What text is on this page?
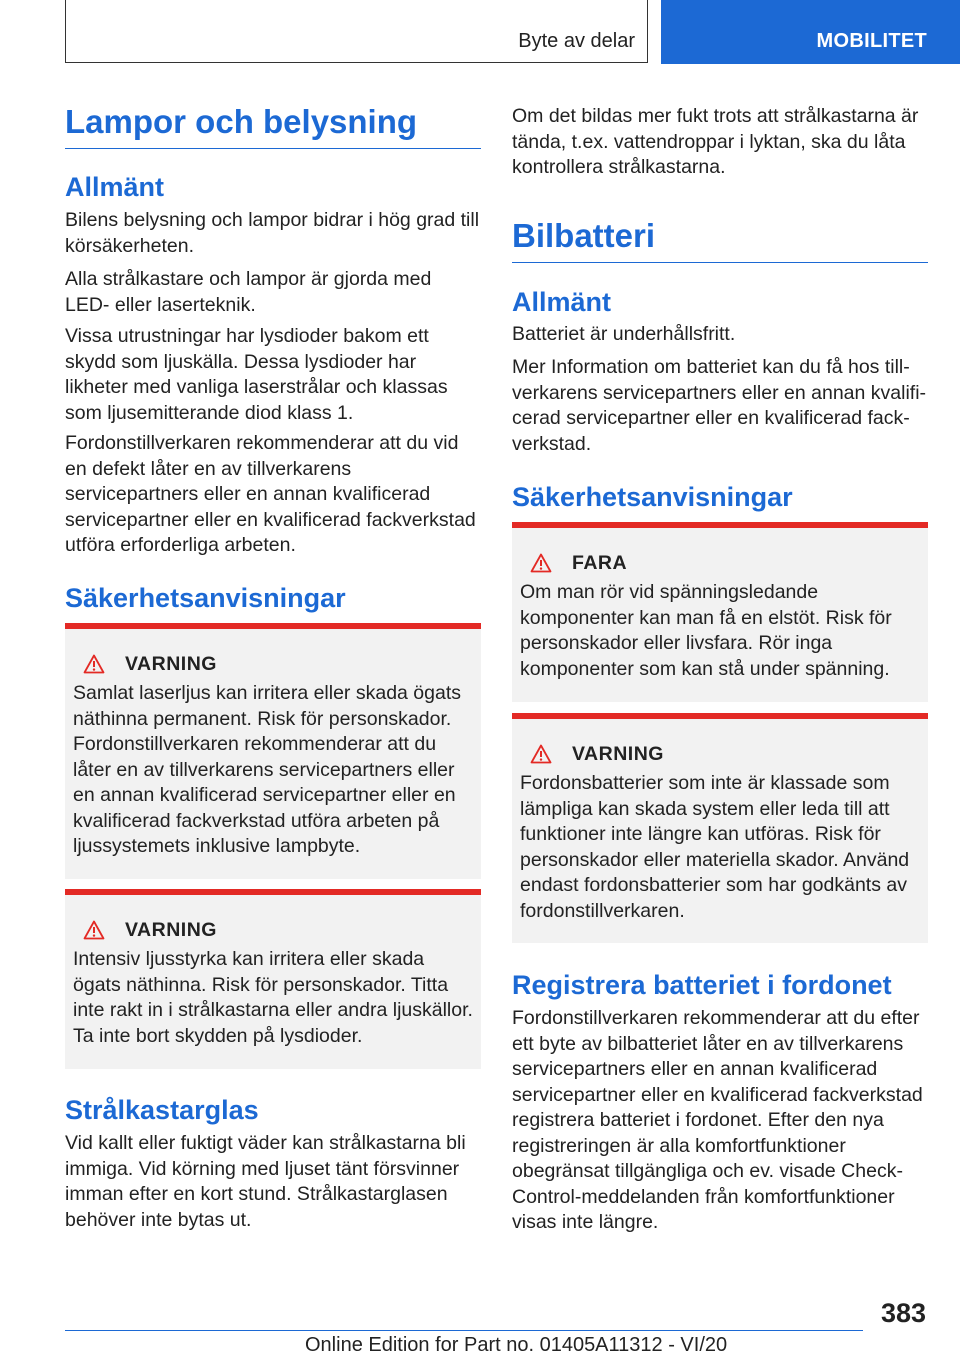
Byte av delar	MOBILITET
Lampor och belysning
Allmänt
Bilens belysning och lampor bidrar i hög grad till körsäkerheten.
Alla strålkastare och lampor är gjorda med LED- eller laserteknik.
Vissa utrustningar har lysdioder bakom ett skydd som ljuskälla. Dessa lysdioder har likheter med vanliga laserstrålar och klassas som ljusemitterande diod klass 1.
Fordonstillverkaren rekommenderar att du vid en defekt låter en av tillverkarens servicepartners eller en annan kvalificerad servicepartner eller en kvalificerad fackverkstad utföra erforderliga arbeten.
Säkerhetsanvisningar
VARNING
Samlat laserljus kan irritera eller skada ögats näthinna permanent. Risk för personskador. Fordonstillverkaren rekommenderar att du låter en av tillverkarens servicepartners eller en annan kvalificerad servicepartner eller en kvalificerad fackverkstad utföra arbeten på ljussystemets inklusive lampbyte.
VARNING
Intensiv ljusstyrka kan irritera eller skada ögats näthinna. Risk för personskador. Titta inte rakt in i strålkastarna eller andra ljuskällor. Ta inte bort skydden på lysdioder.
Strålkastarglas
Vid kallt eller fuktigt väder kan strålkastarna bli immiga. Vid körning med ljuset tänt försvinner imman efter en kort stund. Strålkastarglasen behöver inte bytas ut.
Om det bildas mer fukt trots att strålkastarna är tända, t.ex. vattendroppar i lyktan, ska du låta kontrollera strålkastarna.
Bilbatteri
Allmänt
Batteriet är underhållsfritt.
Mer Information om batteriet kan du få hos tillverkarens servicepartners eller en annan kvalificerad servicepartner eller en kvalificerad fackverkstad.
Säkerhetsanvisningar
FARA
Om man rör vid spänningsledande komponenter kan man få en elstöt. Risk för personskador eller livsfara. Rör inga komponenter som kan stå under spänning.
VARNING
Fordonsbatterier som inte är klassade som lämpliga kan skada system eller leda till att funktioner inte längre kan utföras. Risk för personskador eller materiella skador. Använd endast fordonsbatterier som har godkänts av fordonstillverkaren.
Registrera batteriet i fordonet
Fordonstillverkaren rekommenderar att du efter ett byte av bilbatteriet låter en av tillverkarens servicepartners eller en annan kvalificerad servicepartner eller en kvalificerad fackverkstad registrera batteriet i fordonet. Efter den nya registreringen är alla komfortfunktioner obegränsat tillgängliga och ev. visade Check-Control-meddelanden från komfortfunktioner visas inte längre.
383
Online Edition for Part no. 01405A11312 - VI/20
